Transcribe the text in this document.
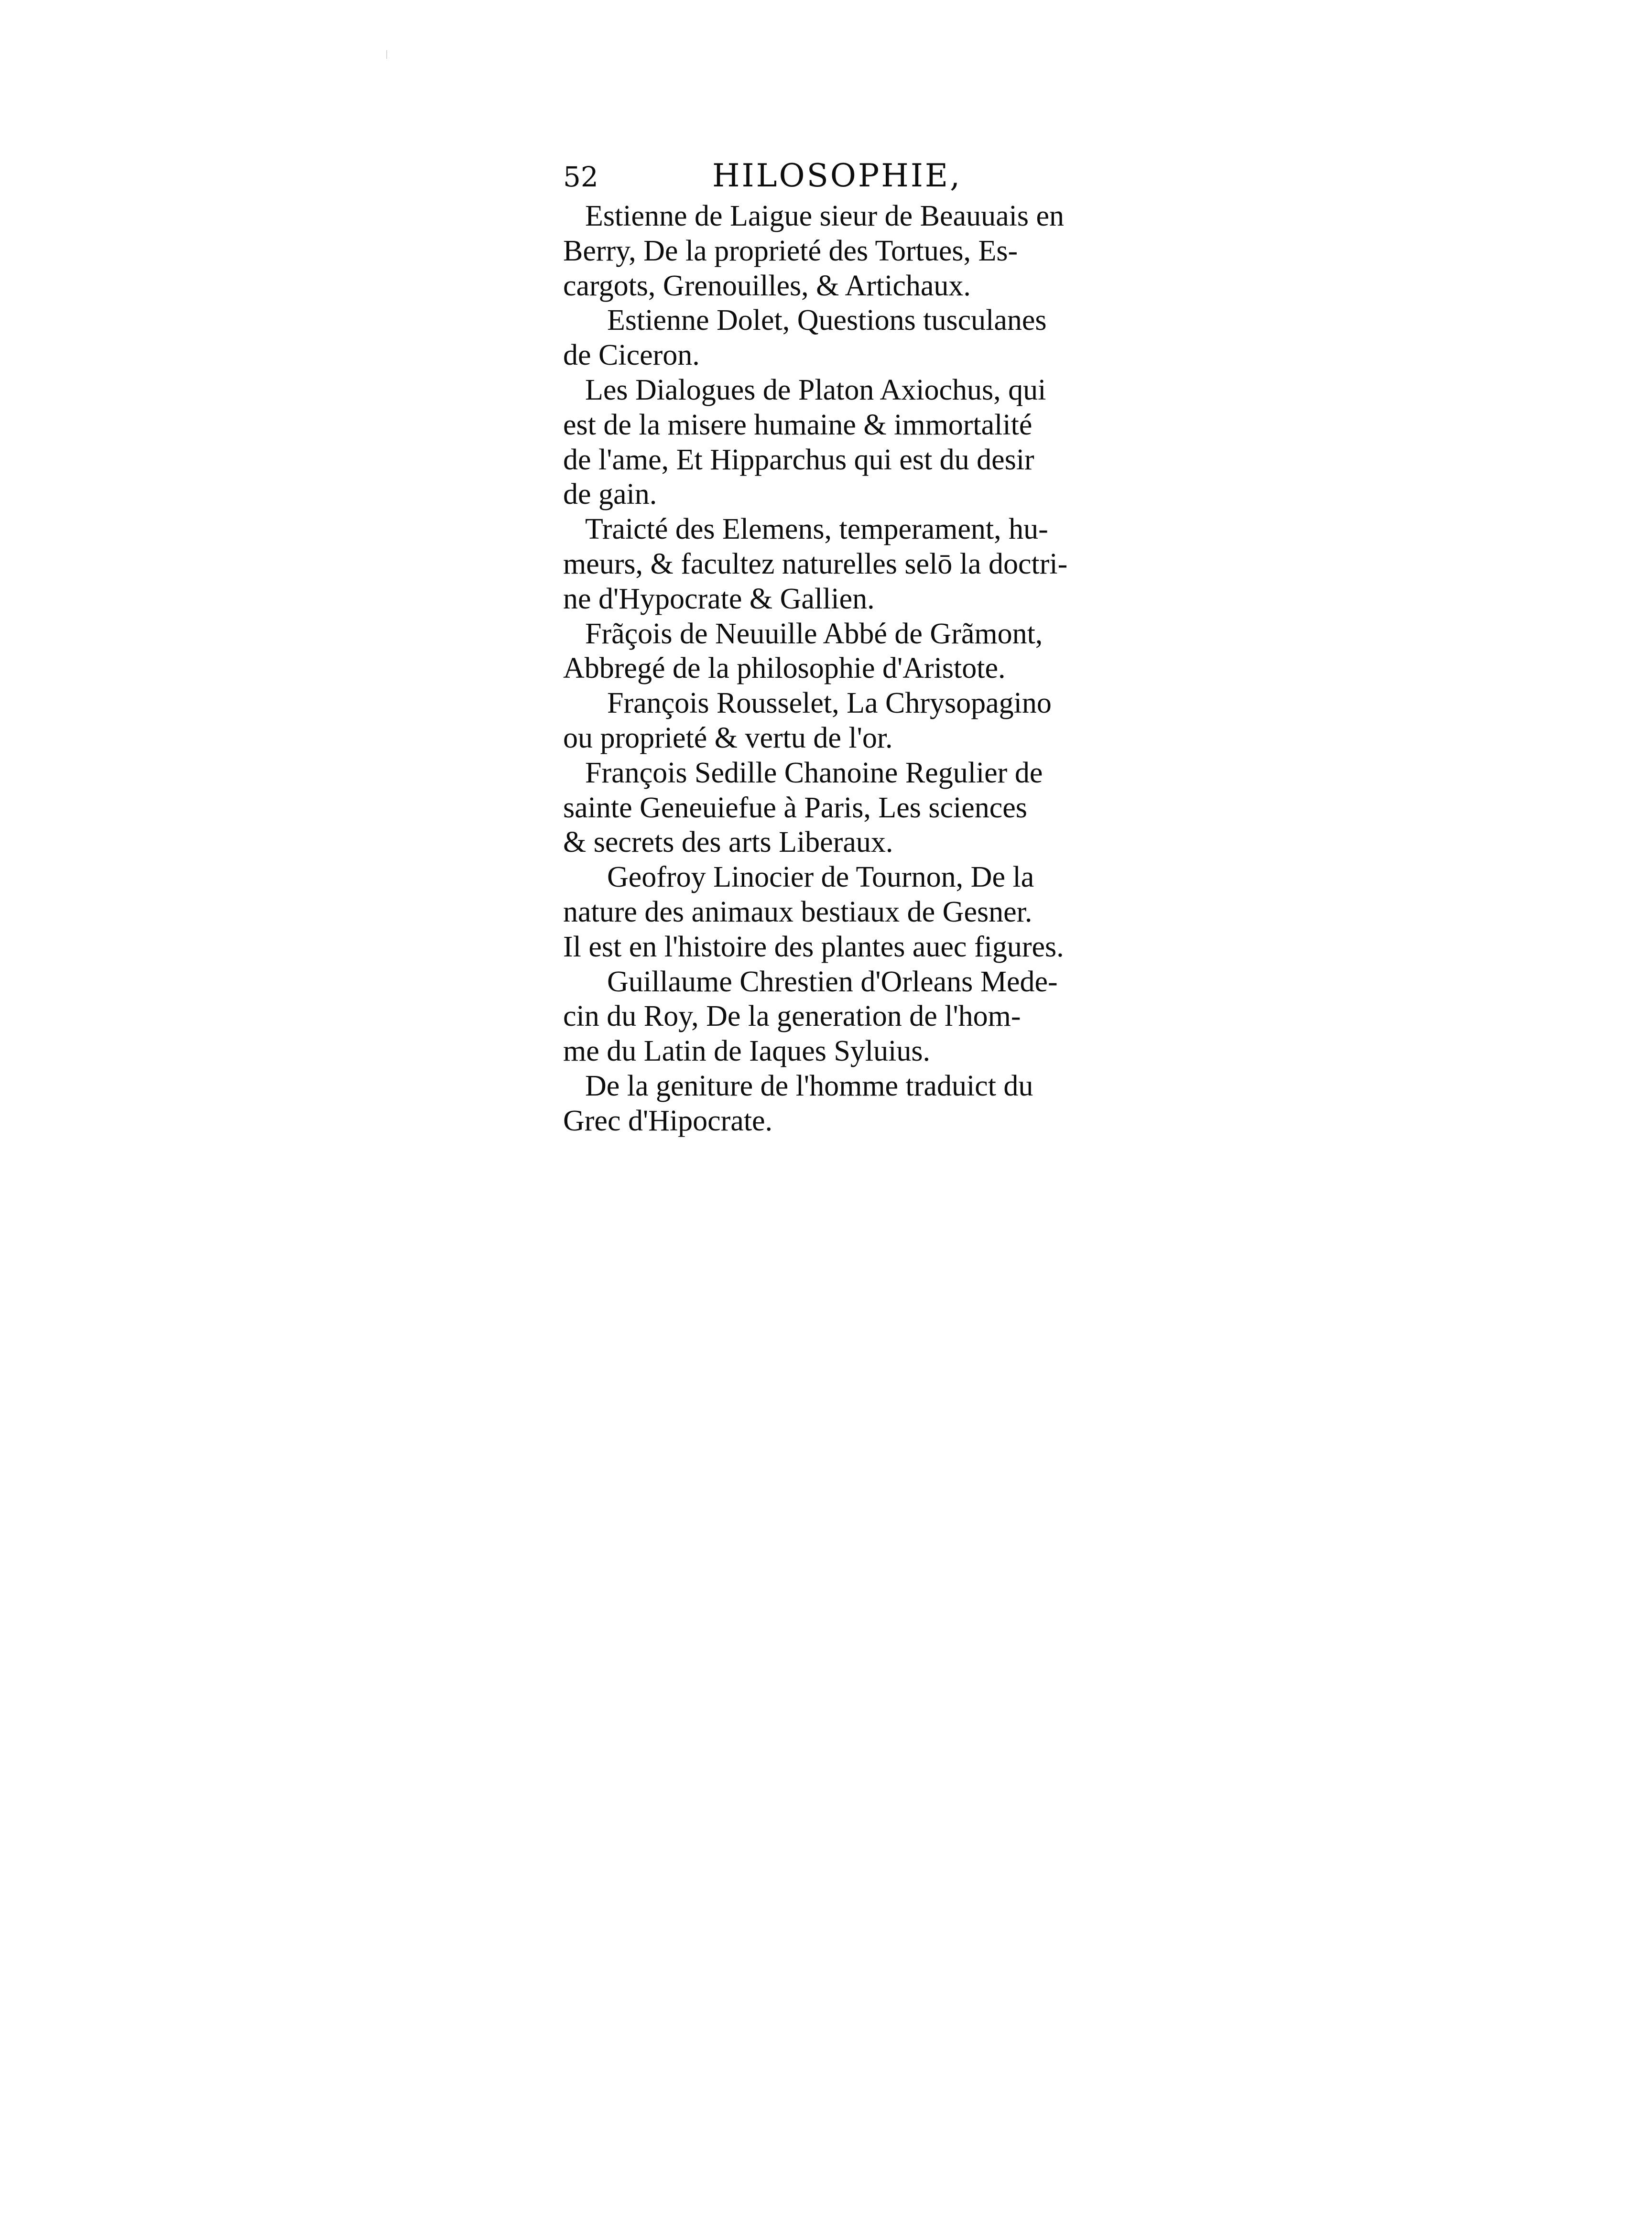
52	HILOSOPHIE,
Estienne de Laigue sieur de Beauuais en
Berry, De la proprieté des Tortues, Es-
cargots, Grenouilles, & Artichaux.
Estienne Dolet, Questions tusculanes
de Ciceron.
Les Dialogues de Platon Axiochus, qui
est de la misere humaine & immortalité
de l'ame, Et Hipparchus qui est du desir
de gain.
Traicté des Elemens, temperament, hu-
meurs, & facultez naturelles selō la doctri-
ne d'Hypocrate & Gallien.
Frãçois de Neuuille Abbé de Grãmont,
Abbregé de la philosophie d'Aristote.
François Rousselet, La Chrysopagino
ou proprieté & vertu de l'or.
François Sedille Chanoine Regulier de
sainte Geneuiefue à Paris, Les sciences
& secrets des arts Liberaux.
Geofroy Linocier de Tournon, De la
nature des animaux bestiaux de Gesner.
Il est en l'histoire des plantes auec figures.
Guillaume Chrestien d'Orleans Mede-
cin du Roy, De la generation de l'hom-
me du Latin de Iaques Syluius.
De la geniture de l'homme traduict du
Grec d'Hipocrate.
